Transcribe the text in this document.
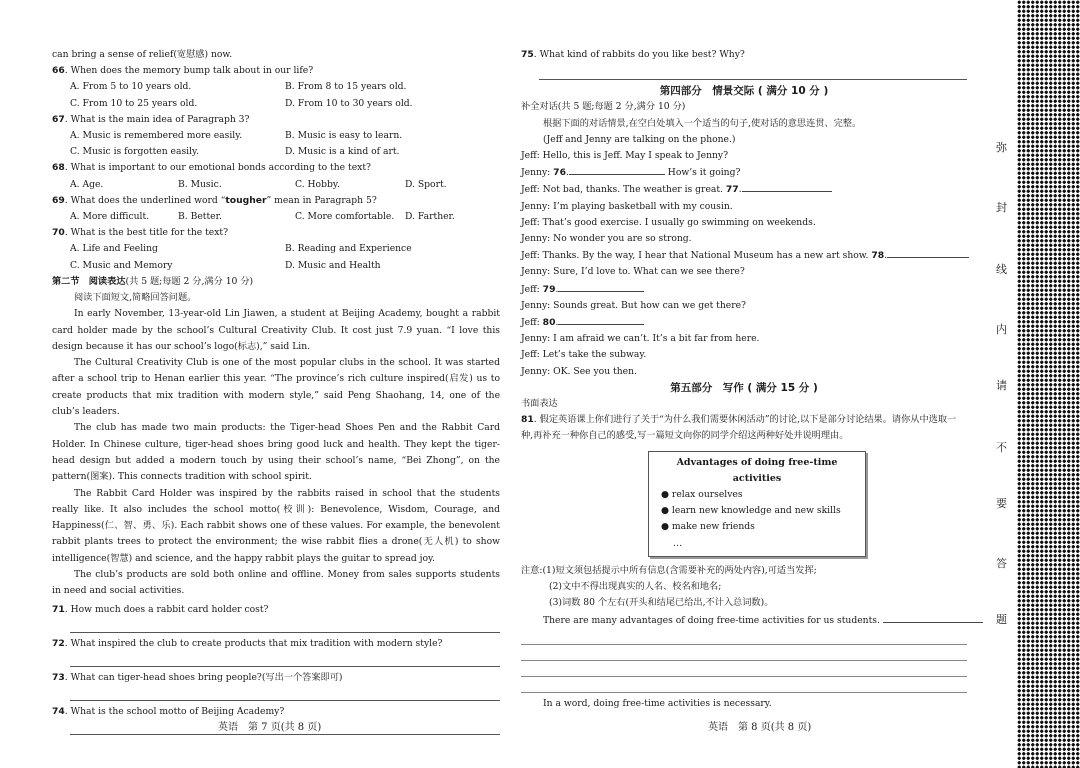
can bring a sense of relief(宽慰感) now.
66. When does the memory bump talk about in our life?
A. From 5 to 10 years old.	B. From 8 to 15 years old.
C. From 10 to 25 years old.	D. From 10 to 30 years old.
67. What is the main idea of Paragraph 3?
A. Music is remembered more easily.	B. Music is easy to learn.
C. Music is forgotten easily.	D. Music is a kind of art.
68. What is important to our emotional bonds according to the text?
A. Age.	B. Music.	C. Hobby.	D. Sport.
69. What does the underlined word “tougher” mean in Paragraph 5?
A. More difficult.	B. Better.	C. More comfortable.	D. Farther.
70. What is the best title for the text?
A. Life and Feeling	B. Reading and Experience
C. Music and Memory	D. Music and Health
第二节　阅读表达(共 5 题;每题 2 分,满分 10 分)
阅读下面短文,简略回答问题。
In early November, 13-year-old Lin Jiawen, a student at Beijing Academy, bought a rabbit card holder made by the school’s Cultural Creativity Club. It cost just 7.9 yuan. “I love this design because it has our school’s logo(标志),” said Lin.
The Cultural Creativity Club is one of the most popular clubs in the school. It was started after a school trip to Henan earlier this year. “The province’s rich culture inspired(启发) us to create products that mix tradition with modern style,” said Peng Shaohang, 14, one of the club’s leaders.
The club has made two main products: the Tiger-head Shoes Pen and the Rabbit Card Holder. In Chinese culture, tiger-head shoes bring good luck and health. They kept the tiger-head design but added a modern touch by using their school’s name, “Bei Zhong”, on the pattern(图案). This connects tradition with school spirit.
The Rabbit Card Holder was inspired by the rabbits raised in school that the students really like. It also includes the school motto(校训): Benevolence, Wisdom, Courage, and Happiness(仁、智、勇、乐). Each rabbit shows one of these values. For example, the benevolent rabbit plants trees to protect the environment; the wise rabbit flies a drone(无人机) to show intelligence(智慧) and science, and the happy rabbit plays the guitar to spread joy.
The club’s products are sold both online and offline. Money from sales supports students in need and social activities.
71. How much does a rabbit card holder cost?
72. What inspired the club to create products that mix tradition with modern style?
73. What can tiger-head shoes bring people?(写出一个答案即可)
74. What is the school motto of Beijing Academy?
英语　第 7 页(共 8 页)
75. What kind of rabbits do you like best? Why?
第四部分　情景交际 ( 满分 10 分 )
补全对话(共 5 题;每题 2 分,满分 10 分)
根据下面的对话情景,在空白处填入一个适当的句子,使对话的意思连贯、完整。
(Jeff and Jenny are talking on the phone.)
Jeff: Hello, this is Jeff. May I speak to Jenny?
Jenny: 76.	How’s it going?
Jeff: Not bad, thanks. The weather is great. 77.
Jenny: I’m playing basketball with my cousin.
Jeff: That’s good exercise. I usually go swimming on weekends.
Jenny: No wonder you are so strong.
Jeff: Thanks. By the way, I hear that National Museum has a new art show. 78.
Jenny: Sure, I’d love to. What can we see there?
Jeff: 79.
Jenny: Sounds great. But how can we get there?
Jeff: 80.
Jenny: I am afraid we can’t. It’s a bit far from here.
Jeff: Let’s take the subway.
Jenny: OK. See you then.
第五部分　写作 ( 满分 15 分 )
书面表达
81. 假定英语课上你们进行了关于“为什么我们需要休闲活动”的讨论,以下是部分讨论结果。请你从中选取一种,再补充一种你自己的感受,写一篇短文向你的同学介绍这两种好处并说明理由。
Advantages of doing free-time activities
● relax ourselves
● learn new knowledge and new skills
● make new friends
…
注意:(1)短文须包括提示中所有信息(含需要补充的两处内容),可适当发挥;
(2)文中不得出现真实的人名、校名和地名;
(3)词数 80 个左右(开头和结尾已给出,不计入总词数)。
There are many advantages of doing free-time activities for us students.
In a word, doing free-time activities is necessary.
英语　第 8 页(共 8 页)
弥
封
线
内
请
不
要
答
题
